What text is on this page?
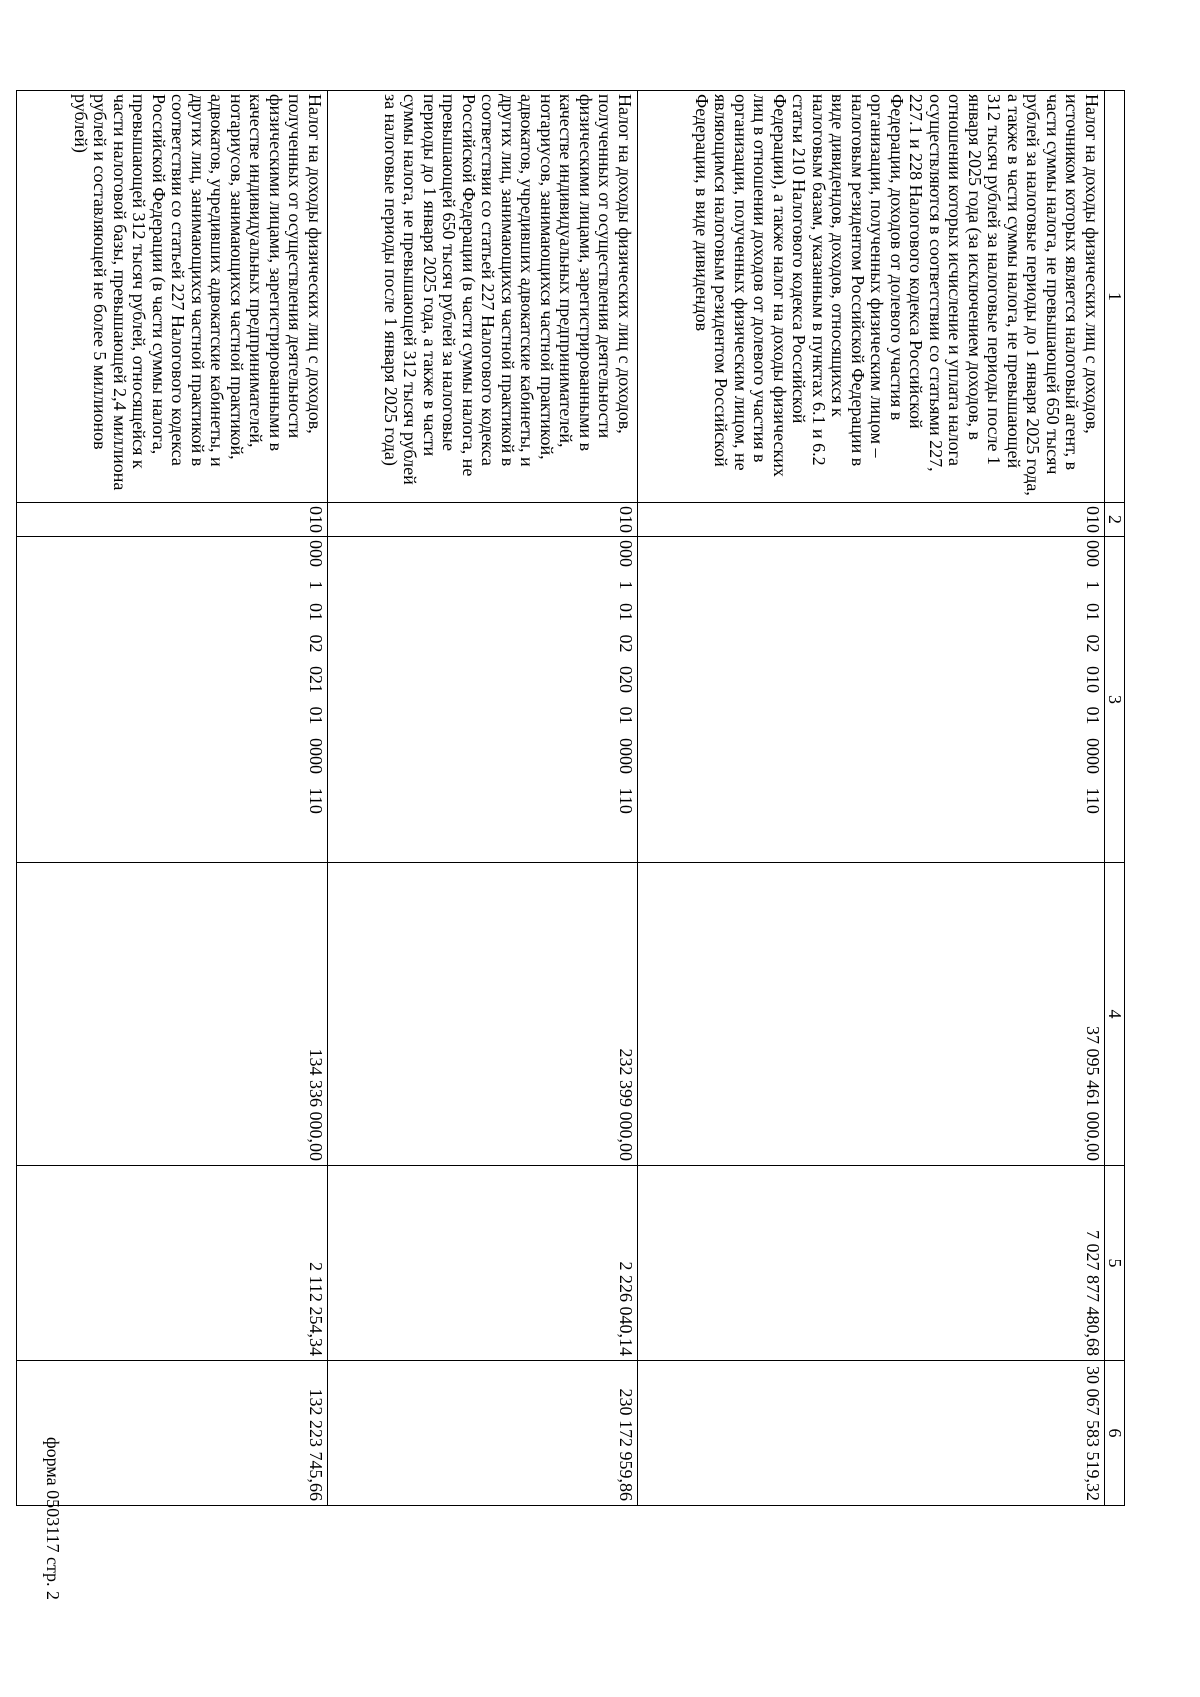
форма 0503117 стр. 2
1	2	3	4	5	6
Налог на доходы физических лиц с доходов, источником которых является налоговый агент, в части суммы налога, не превышающей 650 тысяч рублей за налоговые периоды до 1 января 2025 года, а также в части суммы налога, не превышающей 312 тысяч рублей за налоговые периоды после 1 января 2025 года (за исключением доходов, в отношении которых исчисление и уплата налога осуществляются в соответствии со статьями 227, 227.1 и 228 Налогового кодекса Российской Федерации, доходов от долевого участия в организации, полученных физическим лицом – налоговым резидентом Российской Федерации в виде дивидендов, доходов, относящихся к налоговым базам, указанным в пунктах 6.1 и 6.2 статьи 210 Налогового кодекса Российской Федерации), а также налог на доходы физических лиц в отношении доходов от долевого участия в организации, полученных физическим лицом, не являющимся налоговым резидентом Российской Федерации, в виде дивидендов	010	000 1 01 02 010 01 0000 110	37 095 461 000,00	7 027 877 480,68	30 067 583 519,32
Налог на доходы физических лиц с доходов, полученных от осуществления деятельности физическими лицами, зарегистрированными в качестве индивидуальных предпринимателей, нотариусов, занимающихся частной практикой, адвокатов, учредивших адвокатские кабинеты, и других лиц, занимающихся частной практикой в соответствии со статьей 227 Налогового кодекса Российской Федерации (в части суммы налога, не превышающей 650 тысяч рублей за налоговые периоды до 1 января 2025 года, а также в части суммы налога, не превышающей 312 тысяч рублей за налоговые периоды после 1 января 2025 года)	010	000 1 01 02 020 01 0000 110	232 399 000,00	2 226 040,14	230 172 959,86
Налог на доходы физических лиц с доходов, полученных от осуществления деятельности физическими лицами, зарегистрированными в качестве индивидуальных предпринимателей, нотариусов, занимающихся частной практикой, адвокатов, учредивших адвокатские кабинеты, и других лиц, занимающихся частной практикой в соответствии со статьей 227 Налогового кодекса Российской Федерации (в части суммы налога, превышающей 312 тысяч рублей, относящейся к части налоговой базы, превышающей 2,4 миллиона рублей и составляющей не более 5 миллионов рублей)	010	000 1 01 02 021 01 0000 110	134 336 000,00	2 112 254,34	132 223 745,66
